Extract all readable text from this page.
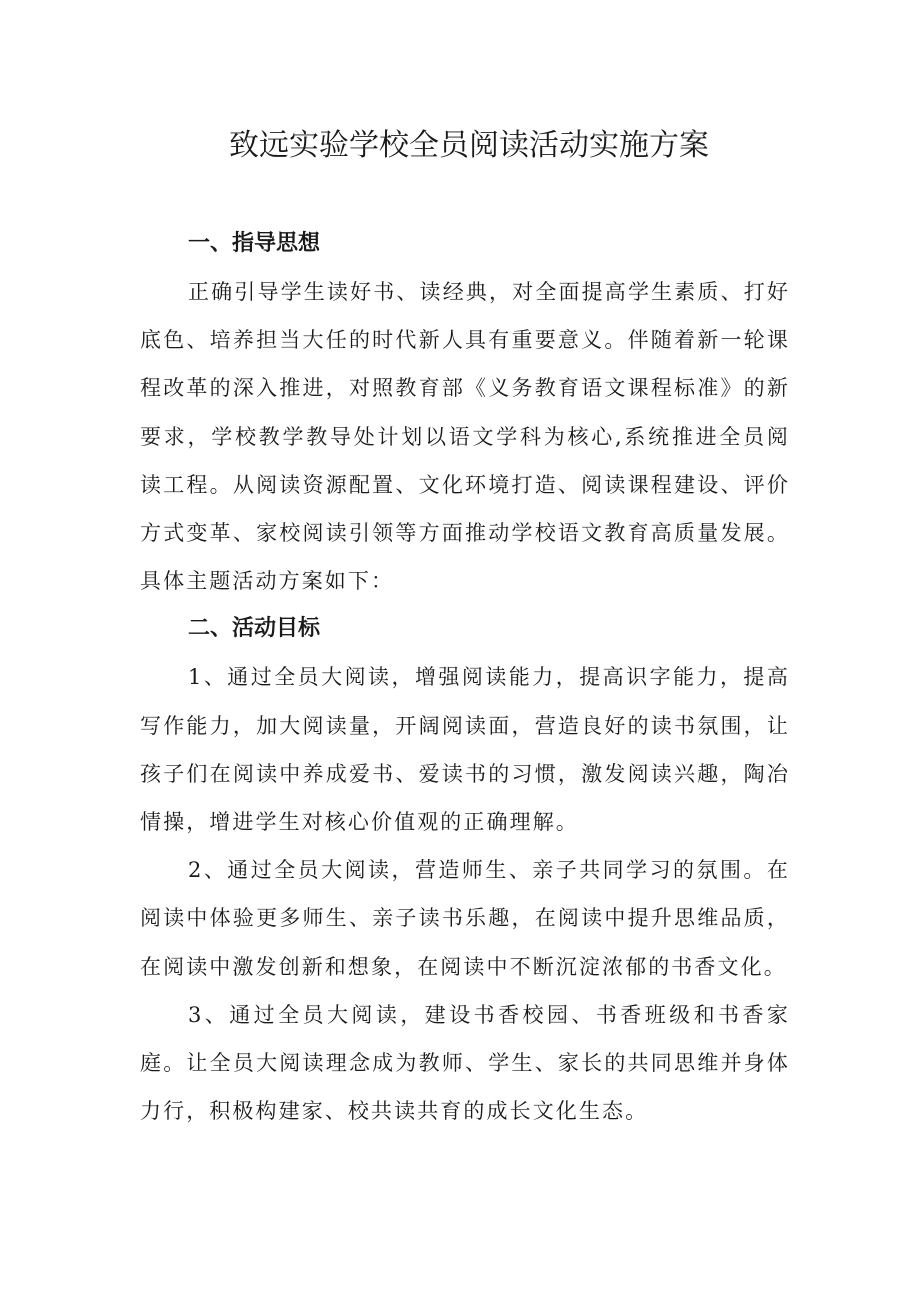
致远实验学校全员阅读活动实施方案
一、指导思想

正确引导学生读好书、读经典，对全面提高学生素质、打好底色、培养担当大任的时代新人具有重要意义。伴随着新一轮课程改革的深入推进，对照教育部《义务教育语文课程标准》的新要求，学校教学教导处计划以语文学科为核心,系统推进全员阅读工程。从阅读资源配置、文化环境打造、阅读课程建设、评价方式变革、家校阅读引领等方面推动学校语文教育高质量发展。具体主题活动方案如下：

二、活动目标

1、通过全员大阅读，增强阅读能力，提高识字能力，提高写作能力，加大阅读量，开阔阅读面，营造良好的读书氛围，让孩子们在阅读中养成爱书、爱读书的习惯，激发阅读兴趣，陶冶情操，增进学生对核心价值观的正确理解。

2、通过全员大阅读，营造师生、亲子共同学习的氛围。在阅读中体验更多师生、亲子读书乐趣，在阅读中提升思维品质，在阅读中激发创新和想象，在阅读中不断沉淀浓郁的书香文化。

3、通过全员大阅读，建设书香校园、书香班级和书香家庭。让全员大阅读理念成为教师、学生、家长的共同思维并身体力行，积极构建家、校共读共育的成长文化生态。
